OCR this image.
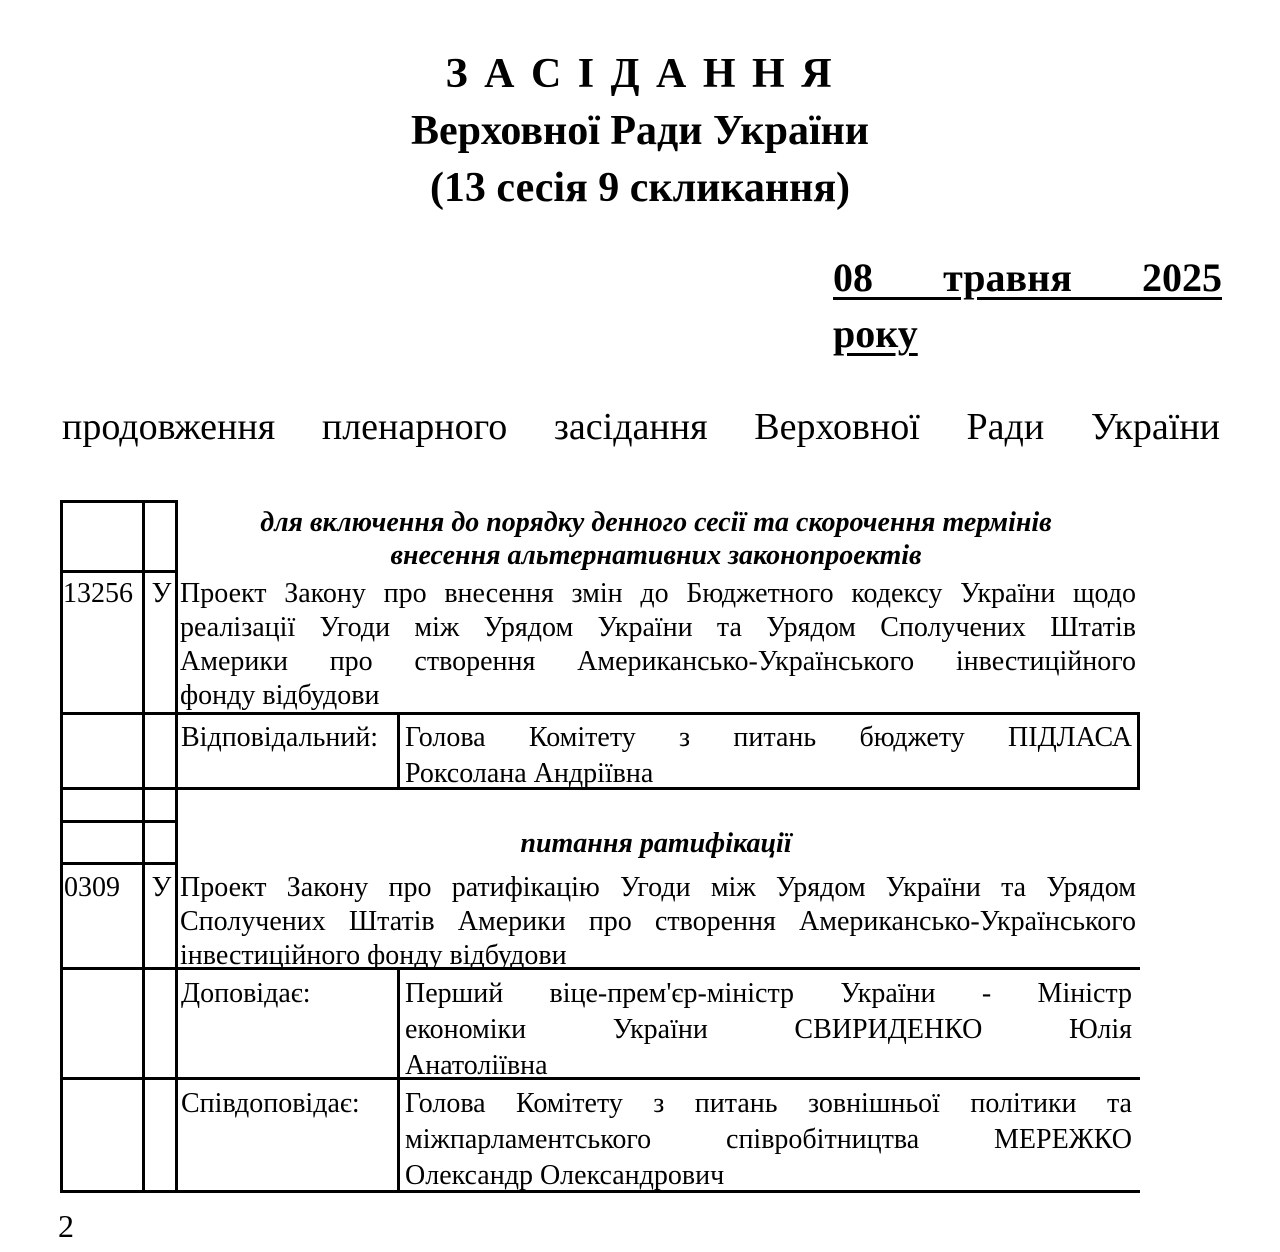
З А С І Д А Н Н Я
Верховної Ради України
(13 сесія 9 скликання)
08 травня 2025
року
продовження пленарного засідання Верховної Ради України
для включення до порядку денного сесії та скорочення термінів
внесення альтернативних законопроектів
13256 У Проект Закону про внесення змін до Бюджетного кодексу України щодо
реалізації Угоди між Урядом України та Урядом Сполучених Штатів
Америки про створення Американсько-Українського інвестиційного
фонду відбудови
Відповідальний: Голова Комітету з питань бюджету ПІДЛАСА
Роксолана Андріївна
питання ратифікації
0309	У Проект Закону про ратифікацію Угоди між Урядом України та Урядом
Сполучених Штатів Америки про створення Американсько-Українського
інвестиційного фонду відбудови
Доповідає:	Перший віце-прем'єр-міністр України - Міністр
економіки України СВИРИДЕНКО Юлія
Анатоліївна
Співдоповідає:	Голова Комітету з питань зовнішньої політики та
міжпарламентського співробітництва МЕРЕЖКО
Олександр Олександрович
2
